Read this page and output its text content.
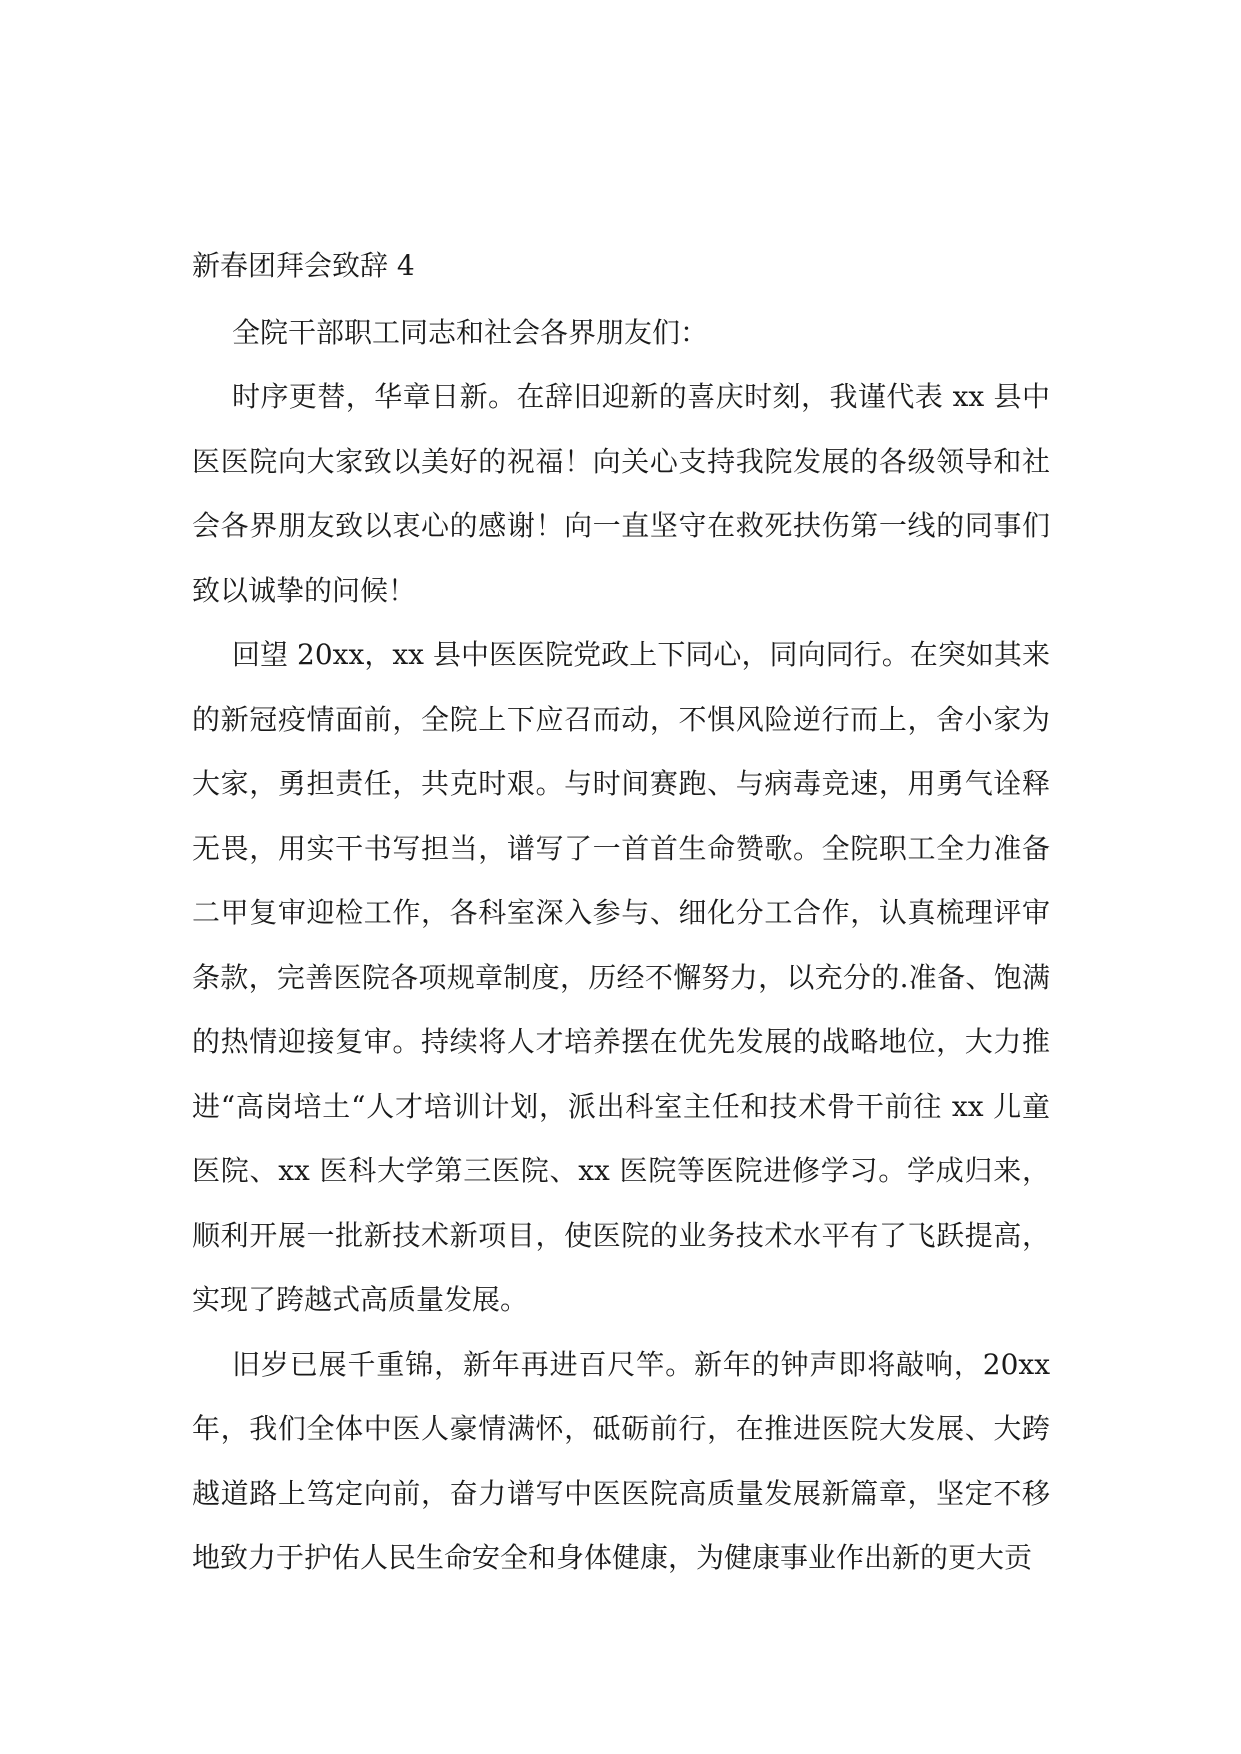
新春团拜会致辞 4

全院干部职工同志和社会各界朋友们：

时序更替，华章日新。在辞旧迎新的喜庆时刻，我谨代表 xx 县中医医院向大家致以美好的祝福！向关心支持我院发展的各级领导和社会各界朋友致以衷心的感谢！向一直坚守在救死扶伤第一线的同事们致以诚挚的问候！

回望 20xx，xx 县中医医院党政上下同心，同向同行。在突如其来的新冠疫情面前，全院上下应召而动，不惧风险逆行而上，舍小家为大家，勇担责任，共克时艰。与时间赛跑、与病毒竞速，用勇气诠释无畏，用实干书写担当，谱写了一首首生命赞歌。全院职工全力准备二甲复审迎检工作，各科室深入参与、细化分工合作，认真梳理评审条款，完善医院各项规章制度，历经不懈努力，以充分的.准备、饱满的热情迎接复审。持续将人才培养摆在优先发展的战略地位，大力推进“高岗培土“人才培训计划，派出科室主任和技术骨干前往 xx 儿童医院、xx 医科大学第三医院、xx 医院等医院进修学习。学成归来，顺利开展一批新技术新项目，使医院的业务技术水平有了飞跃提高，实现了跨越式高质量发展。

旧岁已展千重锦，新年再进百尺竿。新年的钟声即将敲响，20xx 年，我们全体中医人豪情满怀，砥砺前行，在推进医院大发展、大跨越道路上笃定向前，奋力谱写中医医院高质量发展新篇章，坚定不移地致力于护佑人民生命安全和身体健康，为健康事业作出新的更大贡
